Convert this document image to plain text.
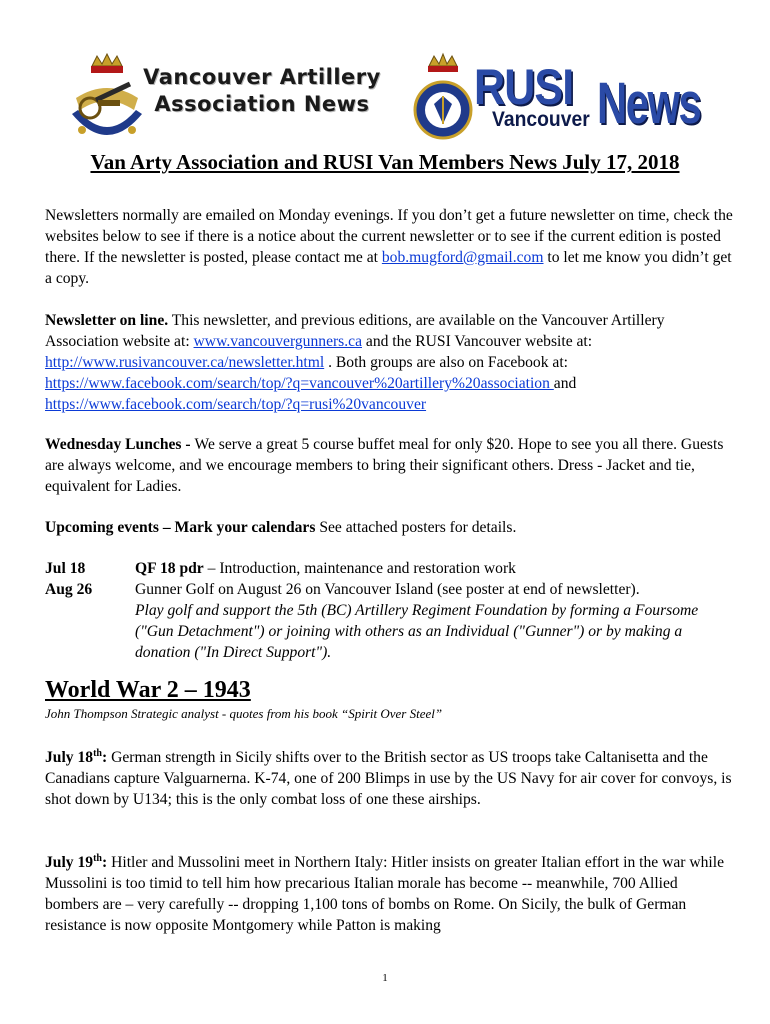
Vancouver Artillery
Association News RUSI
Vancouver News
Van Arty Association and RUSI Van Members News July 17, 2018

Newsletters normally are emailed on Monday evenings. If you don’t get a future newsletter on time, check the websites below to see if there is a notice about the current newsletter or to see if the current edition is posted there. If the newsletter is posted, please contact me at bob.mugford@gmail.com to let me know you didn’t get a copy.

Newsletter on line. This newsletter, and previous editions, are available on the Vancouver Artillery Association website at: www.vancouvergunners.ca and the RUSI Vancouver website at: http://www.rusivancouver.ca/newsletter.html . Both groups are also on Facebook at: https://www.facebook.com/search/top/?q=vancouver%20artillery%20association and https://www.facebook.com/search/top/?q=rusi%20vancouver

Wednesday Lunches - We serve a great 5 course buffet meal for only $20. Hope to see you all there. Guests are always welcome, and we encourage members to bring their significant others. Dress - Jacket and tie, equivalent for Ladies.

Upcoming events – Mark your calendars See attached posters for details.

Jul 18	QF 18 pdr – Introduction, maintenance and restoration work
Aug 26	Gunner Golf on August 26 on Vancouver Island (see poster at end of newsletter).
Play golf and support the 5th (BC) Artillery Regiment Foundation by forming a Foursome ("Gun Detachment") or joining with others as an Individual ("Gunner") or by making a donation ("In Direct Support").
World War 2 – 1943
John Thompson Strategic analyst - quotes from his book “Spirit Over Steel”

July 18th: German strength in Sicily shifts over to the British sector as US troops take Caltanisetta and the Canadians capture Valguarnerna. K-74, one of 200 Blimps in use by the US Navy for air cover for convoys, is shot down by U134; this is the only combat loss of one these airships.

July 19th: Hitler and Mussolini meet in Northern Italy: Hitler insists on greater Italian effort in the war while Mussolini is too timid to tell him how precarious Italian morale has become -- meanwhile, 700 Allied bombers are – very carefully -- dropping 1,100 tons of bombs on Rome. On Sicily, the bulk of German resistance is now opposite Montgomery while Patton is making

1
